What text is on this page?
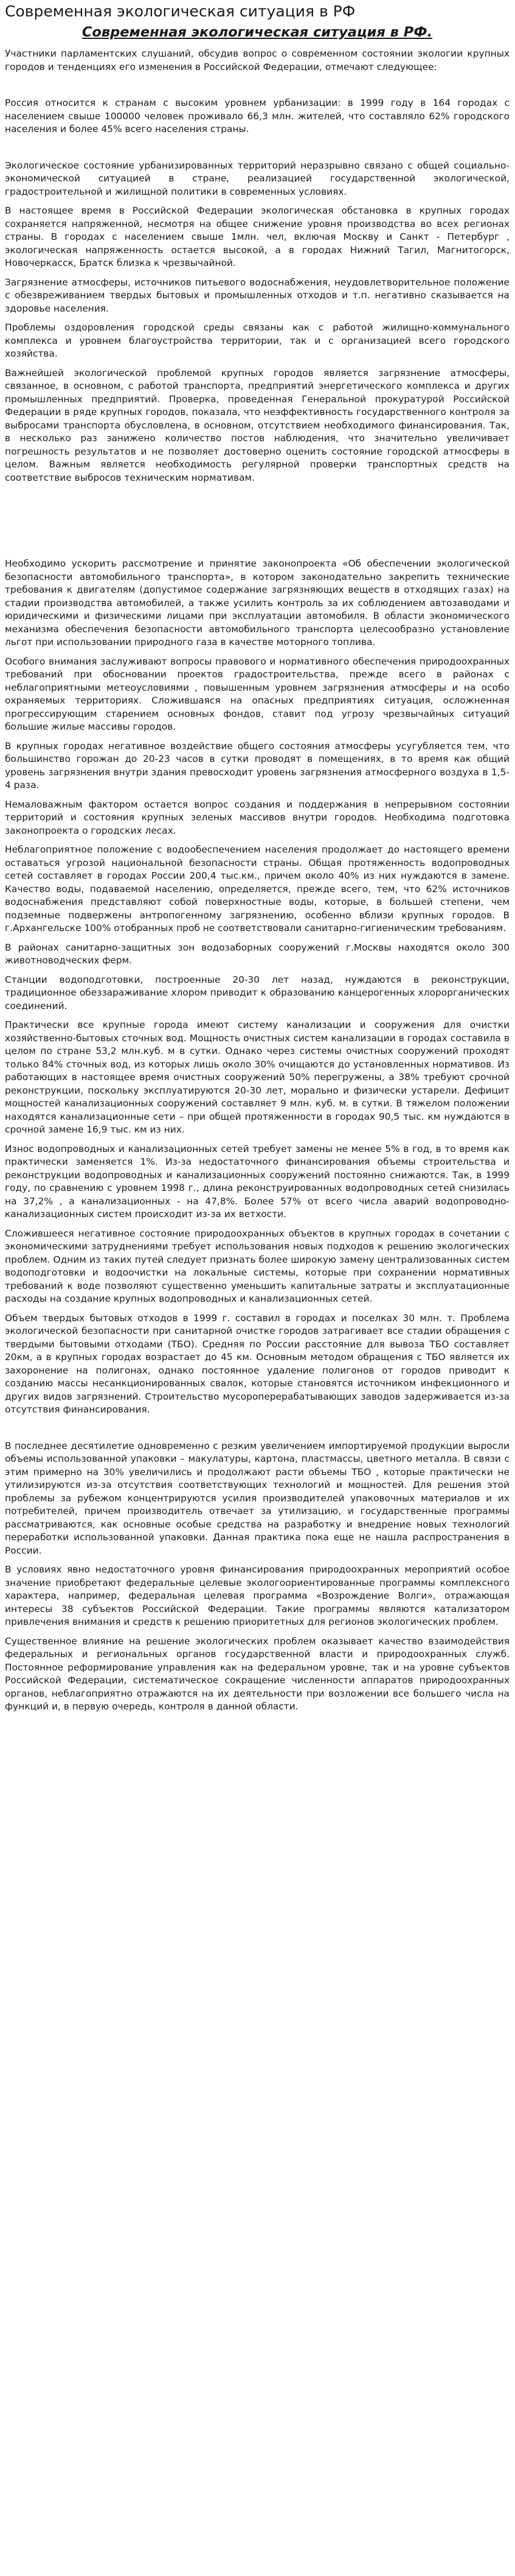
Современная экологическая ситуация в РФ
Современная экологическая ситуация в РФ.

Участники парламентских слушаний, обсудив вопрос о современном состоянии экологии крупных городов и тенденциях его изменения в Российской Федерации, отмечают следующее:

Россия относится к странам с высоким уровнем урбанизации: в 1999 году в 164 городах с населением свыше 100000 человек проживало 66,3 млн. жителей, что составляло 62% городского населения и более 45% всего населения страны.

Экологическое состояние урбанизированных территорий неразрывно связано с общей социально-экономической ситуацией в стране, реализацией государственной экологической, градостроительной и жилищной политики в современных условиях.

В настоящее время в Российской Федерации экологическая обстановка в крупных городах сохраняется напряженной, несмотря на общее снижение уровня производства во всех регионах страны. В городах с населением свыше 1млн. чел, включая Москву и Санкт - Петербург , экологическая напряженность остается высокой, а в городах Нижний Тагил, Магнитогорск, Новочеркасск, Братск близка к чрезвычайной.

Загрязнение атмосферы, источников питьевого водоснабжения, неудовлетворительное положение с обезвреживанием твердых бытовых и промышленных отходов и т.п. негативно сказывается на здоровье населения.

Проблемы оздоровления городской среды связаны как с работой жилищно-коммунального комплекса и уровнем благоустройства территории, так и с организацией всего городского хозяйства.

Важнейшей экологической проблемой крупных городов является загрязнение атмосферы, связанное, в основном, с работой транспорта, предприятий энергетического комплекса и других промышленных предприятий. Проверка, проведенная Генеральной прокуратурой Российской Федерации в ряде крупных городов, показала, что неэффективность государственного контроля за выбросами транспорта обусловлена, в основном, отсутствием необходимого финансирования. Так, в несколько раз занижено количество постов наблюдения, что значительно увеличивает погрешность результатов и не позволяет достоверно оценить состояние городской атмосферы в целом. Важным является необходимость регулярной проверки транспортных средств на соответствие выбросов техническим нормативам.

Необходимо ускорить рассмотрение и принятие законопроекта «Об обеспечении экологической безопасности автомобильного транспорта», в котором законодательно закрепить технические требования к двигателям (допустимое содержание загрязняющих веществ в отходящих газах) на стадии производства автомобилей, а также усилить контроль за их соблюдением автозаводами и юридическими и физическими лицами при эксплуатации автомобиля. В области экономического механизма обеспечения безопасности автомобильного транспорта целесообразно установление льгот при использовании природного газа в качестве моторного топлива.

Особого внимания заслуживают вопросы правового и нормативного обеспечения природоохранных требований при обосновании проектов градостроительства, прежде всего в районах с неблагоприятными метеоусловиями , повышенным уровнем загрязнения атмосферы и на особо охраняемых территориях. Сложившаяся на опасных предприятиях ситуация, осложненная прогрессирующим старением основных фондов, ставит под угрозу чрезвычайных ситуаций большие жилые массивы городов.

В крупных городах негативное воздействие общего состояния атмосферы усугубляется тем, что большинство горожан до 20-23 часов в сутки проводят в помещениях, в то время как общий уровень загрязнения внутри здания превосходит уровень загрязнения атмосферного воздуха в 1,5-4 раза.

Немаловажным фактором остается вопрос создания и поддержания в непрерывном состоянии территорий и состояния крупных зеленых массивов внутри городов. Необходима подготовка законопроекта о городских лесах.

Неблагоприятное положение с водообеспечением населения продолжает до настоящего времени оставаться угрозой национальной безопасности страны. Общая протяженность водопроводных сетей составляет в городах России 200,4 тыс.км., причем около 40% из них нуждаются в замене. Качество воды, подаваемой населению, определяется, прежде всего, тем, что 62% источников водоснабжения представляют собой поверхностные воды, которые, в большей степени, чем подземные подвержены антропогенному загрязнению, особенно вблизи крупных городов. В г.Архангельске 100% отобранных проб не соответствовали санитарно-гигиеническим требованиям.

В районах санитарно-защитных зон водозаборных сооружений г.Москвы находятся около 300 животноводческих ферм.

Станции водоподготовки, построенные 20-30 лет назад, нуждаются в реконструкции, традиционное обеззараживание хлором приводит к образованию канцерогенных хлорорганических соединений.

Практически все крупные города имеют систему канализации и сооружения для очистки хозяйственно-бытовых сточных вод. Мощность очистных систем канализации в городах составила в целом по стране 53,2 млн.куб. м в сутки. Однако через системы очистных сооружений проходят только 84% сточных вод, из которых лишь около 30% очищаются до установленных нормативов. Из работающих в настоящее время очистных сооружений 50% перегружены, а 38% требуют срочной реконструкции, поскольку эксплуатируются 20-30 лет, морально и физически устарели. Дефицит мощностей канализационных сооружений составляет 9 млн. куб. м. в сутки. В тяжелом положении находятся канализационные сети – при общей протяженности в городах 90,5 тыс. км нуждаются в срочной замене 16,9 тыс. км из них.

Износ водопроводных и канализационных сетей требует замены не менее 5% в год, в то время как практически заменяется 1%. Из-за недостаточного финансирования объемы строительства и реконструкции водопроводных и канализационных сооружений постоянно снижаются. Так, в 1999 году, по сравнению с уровнем 1998 г., длина реконструированных водопроводных сетей снизилась на 37,2% , а канализационных - на 47,8%. Более 57% от всего числа аварий водопроводно-канализационных систем происходит из-за их ветхости.

Сложившееся негативное состояние природоохранных объектов в крупных городах в сочетании с экономическими затруднениями требует использования новых подходов к решению экологических проблем. Одним из таких путей следует признать более широкую замену централизованных систем водоподготовки и водоочистки на локальные системы, которые при сохранении нормативных требований к воде позволяют существенно уменьшить капитальные затраты и эксплуатационные расходы на создание крупных водопроводных и канализационных сетей.

Объем твердых бытовых отходов в 1999 г. составил в городах и поселках 30 млн. т. Проблема экологической безопасности при санитарной очистке городов затрагивает все стадии обращения с твердыми бытовыми отходами (ТБО). Средняя по России расстояние для вывоза ТБО составляет 20км, а в крупных городах возрастает до 45 км. Основным методом обращения с ТБО является их захоронение на полигонах, однако постоянное удаление полигонов от городов приводит к созданию массы несанкционированных свалок, которые становятся источником инфекционного и других видов загрязнений. Строительство мусороперерабатывающих заводов задерживается из-за отсутствия финансирования.

В последнее десятилетие одновременно с резким увеличением импортируемой продукции выросли объемы использованной упаковки – макулатуры, картона, пластмассы, цветного металла. В связи с этим примерно на 30% увеличились и продолжают расти объемы ТБО , которые практически не утилизируются из-за отсутствия соответствующих технологий и мощностей. Для решения этой проблемы за рубежом концентрируются усилия производителей упаковочных материалов и их потребителей, причем производитель отвечает за утилизацию, и государственные программы рассматриваются, как основные особые средства на разработку и внедрение новых технологий переработки использованной упаковки. Данная практика пока еще не нашла распространения в России.

В условиях явно недостаточного уровня финансирования природоохранных мероприятий особое значение приобретают федеральные целевые экологоориентированные программы комплексного характера, например, федеральная целевая программа «Возрождение Волги», отражающая интересы 38 субъектов Российской Федерации. Такие программы являются катализатором привлечения внимания и средств к решению приоритетных для регионов экологических проблем.

Существенное влияние на решение экологических проблем оказывает качество взаимодействия федеральных и региональных органов государственной власти и природоохранных служб. Постоянное реформирование управления как на федеральном уровне, так и на уровне субъектов Российской Федерации, систематическое сокращение численности аппаратов природоохранных органов, неблагоприятно отражаются на их деятельности при возложении все большего числа на функций и, в первую очередь, контроля в данной области.
